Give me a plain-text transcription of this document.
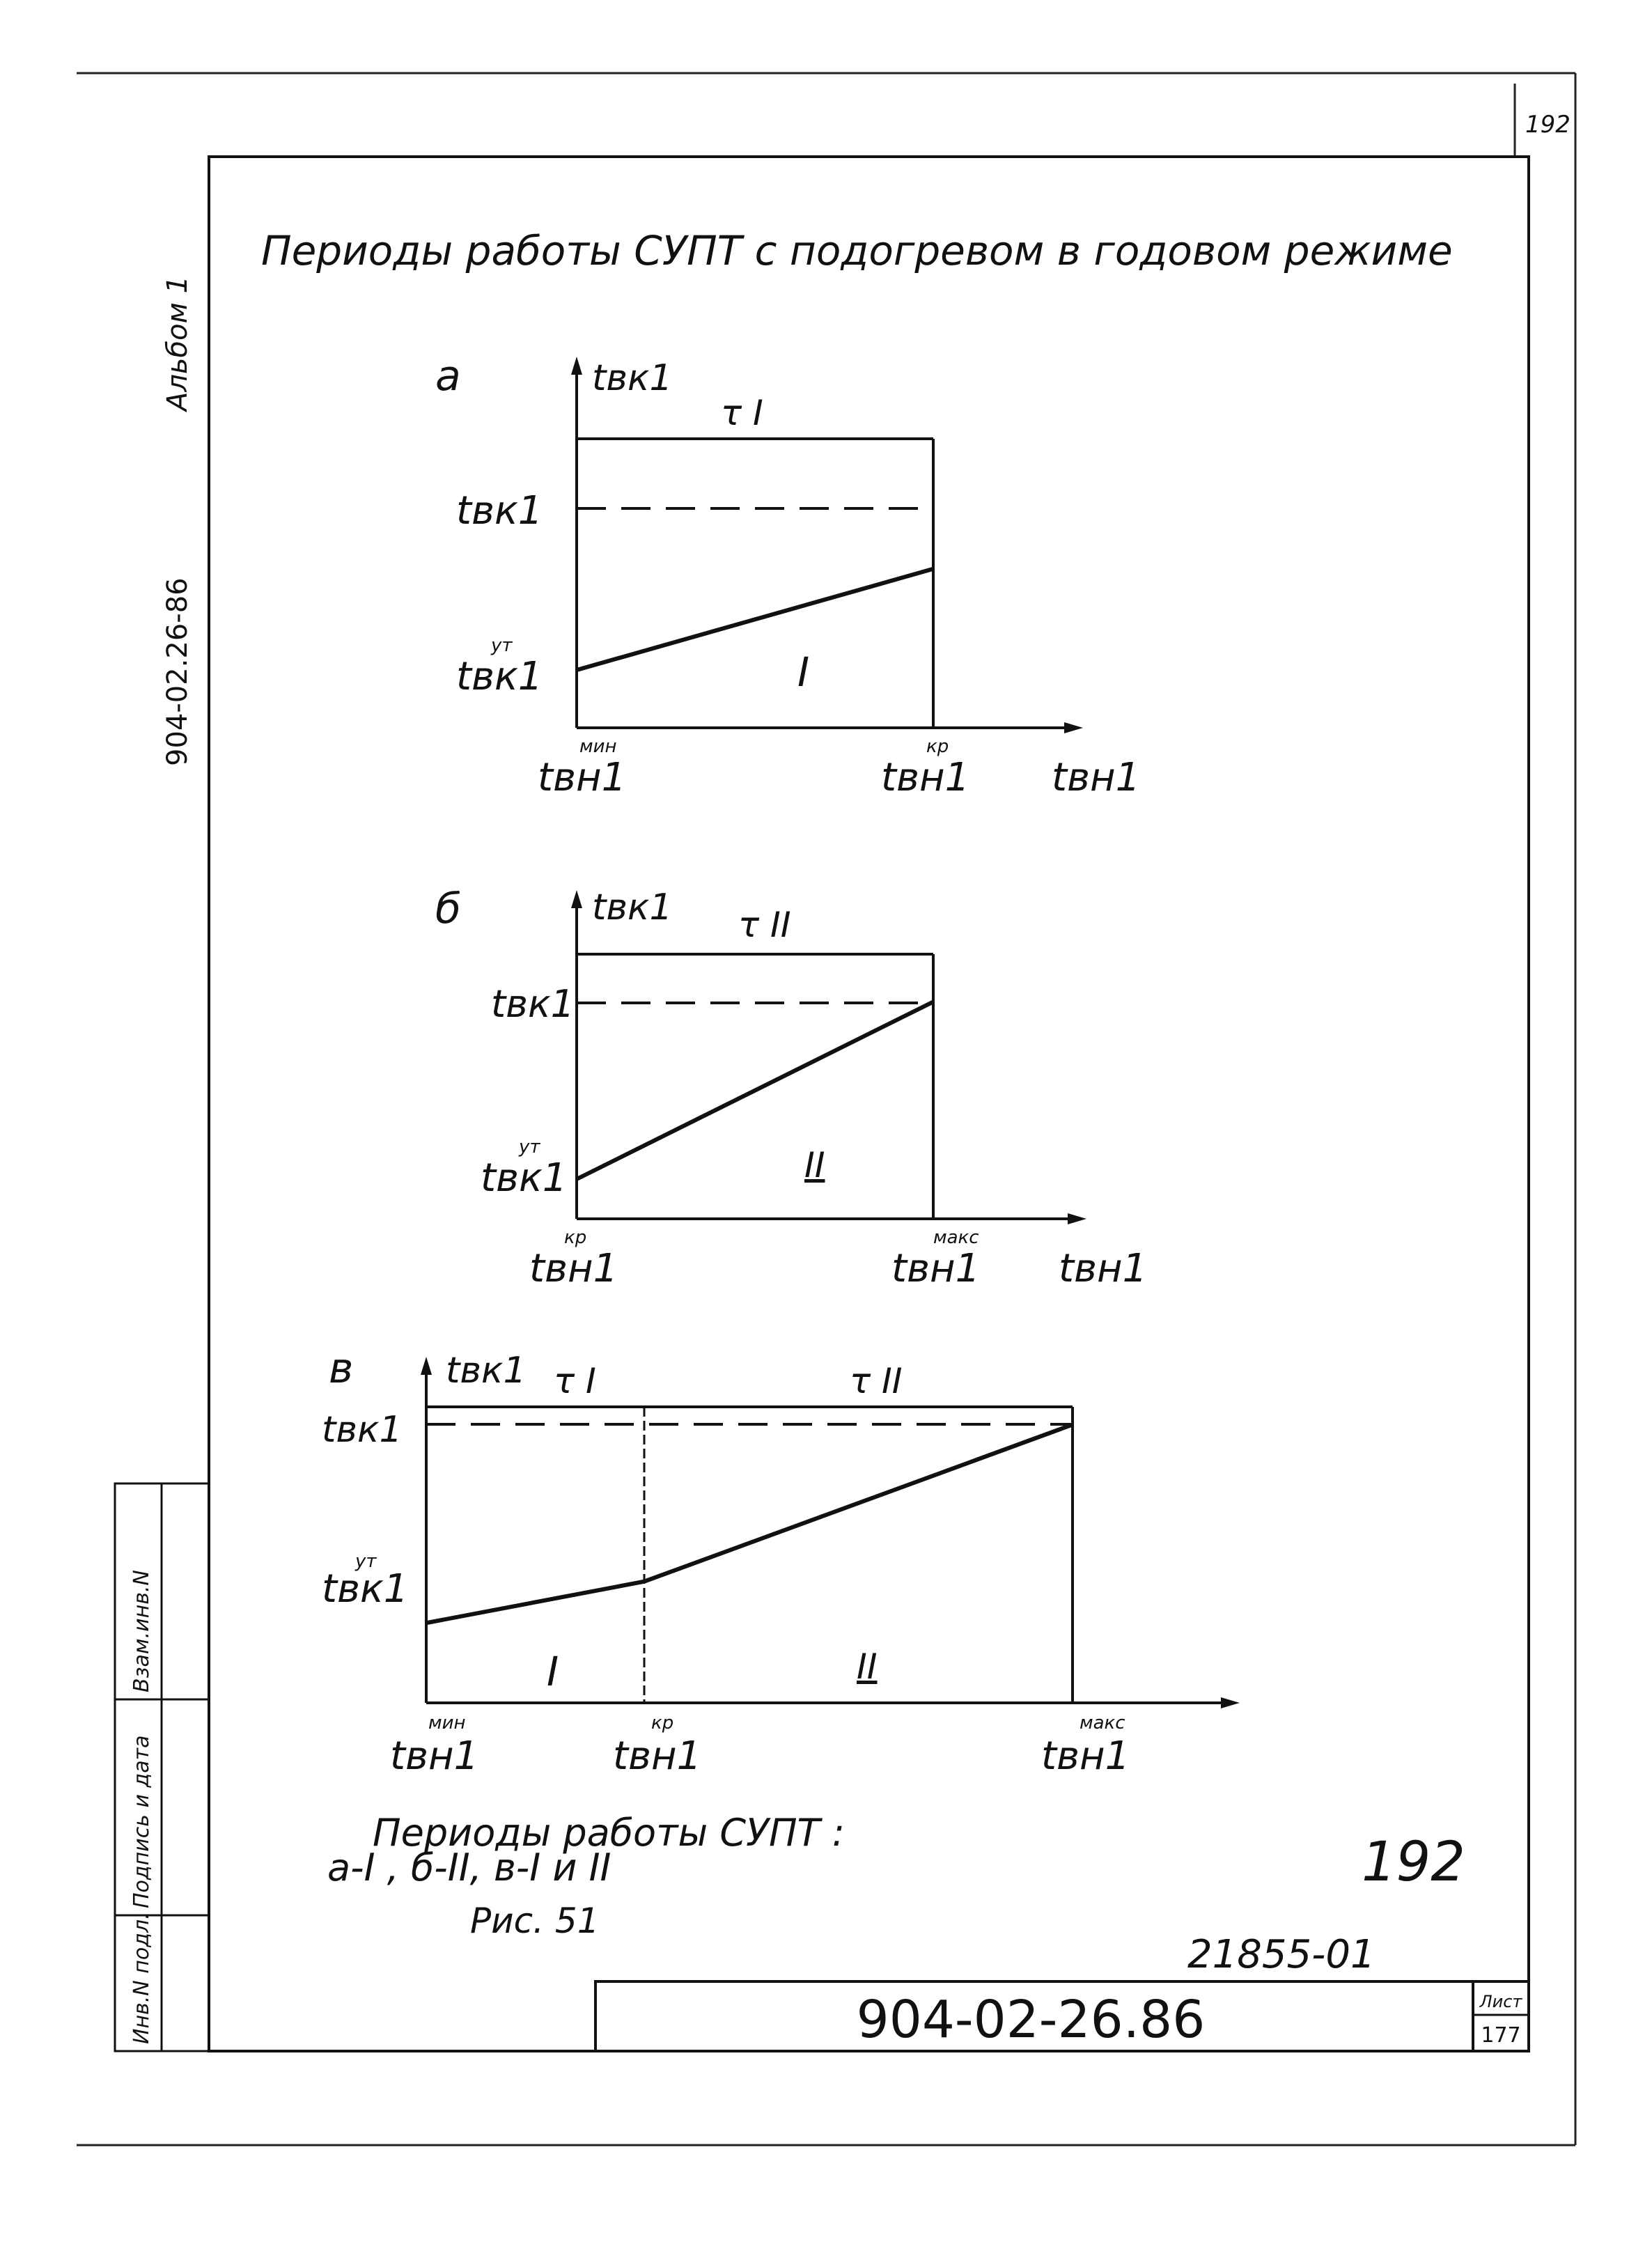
192
Альбом 1
904-02.26-86
Взам.инв.N
Подпись и дата
Инв.N подл.
Периоды работы СУПТ с подогревом в годовом режиме
а	tвк1
τ I
tвк1
ут
tвк1	I
мин
tвн1
кр
tвн1 tвн1
б	tвк1 τ II
tвк1
ут
tвк1	II
кр
tвн1
макс
tвн1 tвн1
в	tвк1 τ I	τ II
tвк1
ут
tвк1
I	II
мин
tвн1
кр
tвн1
макс
tвн1
Периоды работы СУПТ :
а-I , б-II, в-I и II
Рис. 51
192
21855-01
904-02-26.86	Лист
177
